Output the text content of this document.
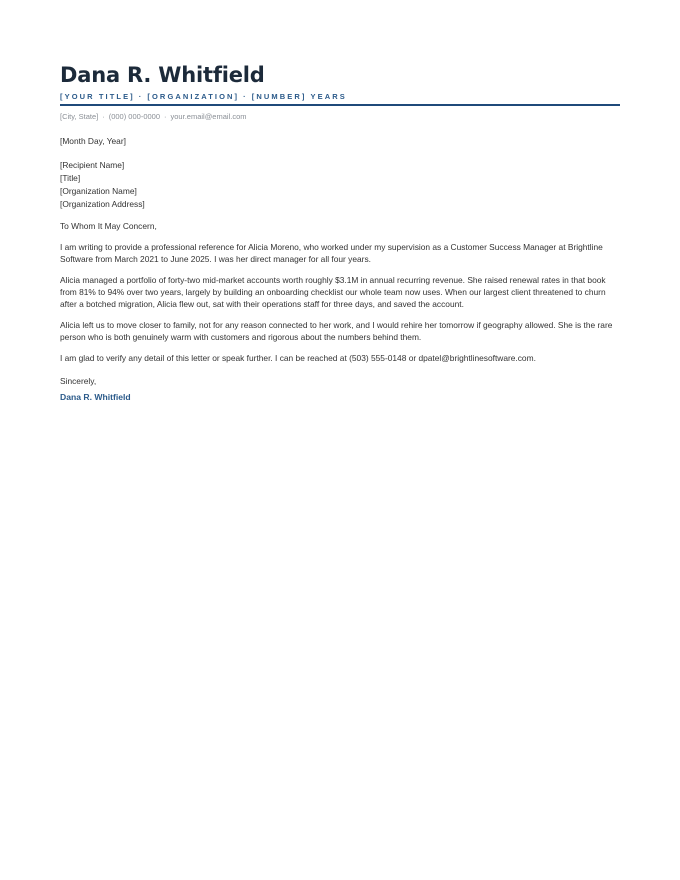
Dana R. Whitfield
[YOUR TITLE] · [ORGANIZATION] · [NUMBER] YEARS
[City, State] · (000) 000-0000 · your.email@email.com
[Month Day, Year]
[Recipient Name]
[Title]
[Organization Name]
[Organization Address]
To Whom It May Concern,
I am writing to provide a professional reference for Alicia Moreno, who worked under my supervision as a Customer Success Manager at Brightline Software from March 2021 to June 2025. I was her direct manager for all four years.
Alicia managed a portfolio of forty-two mid-market accounts worth roughly $3.1M in annual recurring revenue. She raised renewal rates in that book from 81% to 94% over two years, largely by building an onboarding checklist our whole team now uses. When our largest client threatened to churn after a botched migration, Alicia flew out, sat with their operations staff for three days, and saved the account.
Alicia left us to move closer to family, not for any reason connected to her work, and I would rehire her tomorrow if geography allowed. She is the rare person who is both genuinely warm with customers and rigorous about the numbers behind them.
I am glad to verify any detail of this letter or speak further. I can be reached at (503) 555-0148 or dpatel@brightlinesoftware.com.
Sincerely,
Dana R. Whitfield
